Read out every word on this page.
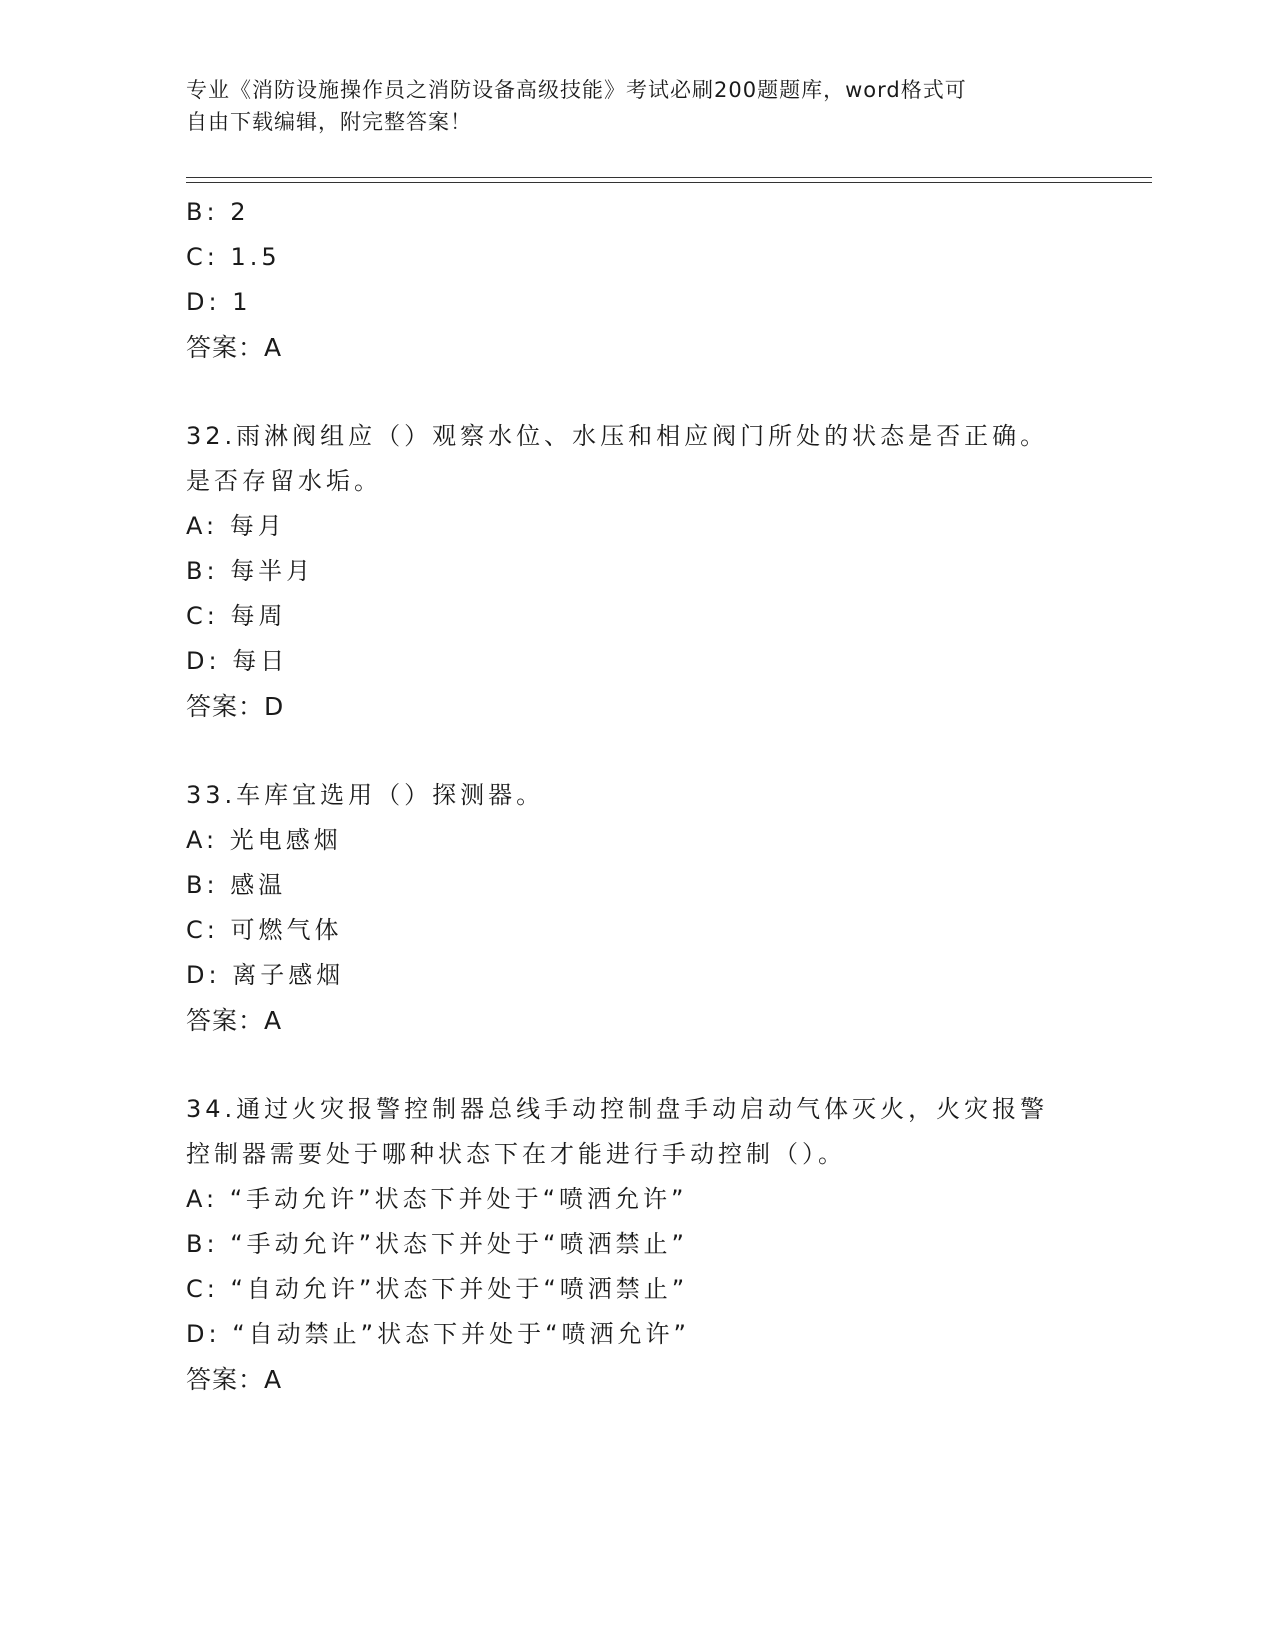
专业《消防设施操作员之消防设备高级技能》考试必刷200题题库，word格式可
自由下载编辑，附完整答案！
B: 2
C: 1.5
D: 1
答案：A
32.雨淋阀组应（）观察水位、水压和相应阀门所处的状态是否正确。
是否存留水垢。
A: 每月
B: 每半月
C: 每周
D: 每日
答案：D
33.车库宜选用（）探测器。
A: 光电感烟
B: 感温
C: 可燃气体
D: 离子感烟
答案：A
34.通过火灾报警控制器总线手动控制盘手动启动气体灭火，火灾报警
控制器需要处于哪种状态下在才能进行手动控制（）。
A: “手动允许”状态下并处于“喷洒允许”
B: “手动允许”状态下并处于“喷洒禁止”
C: “自动允许”状态下并处于“喷洒禁止”
D: “自动禁止”状态下并处于“喷洒允许”
答案：A
